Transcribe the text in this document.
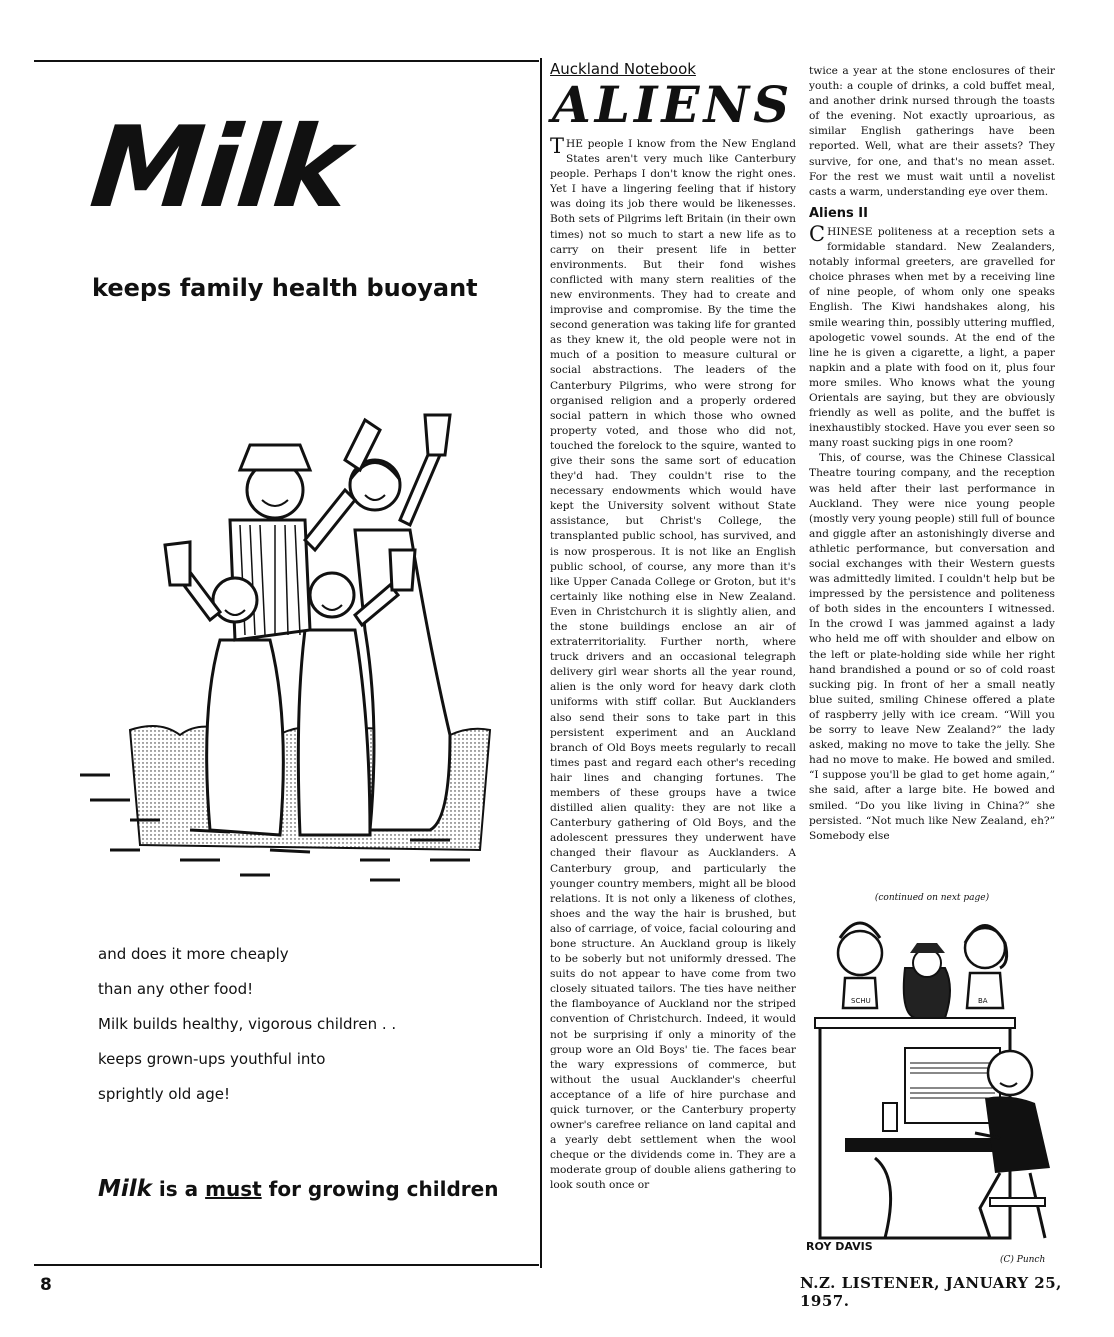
Milk
keeps family health buoyant
and does it more cheaply
than any other food!
Milk builds healthy, vigorous children . .
keeps grown-ups youthful into
sprightly old age!
Milk is a must for growing children
Auckland Notebook
ALIENS

THE people I know from the New England States aren't very much like Canterbury people. Perhaps I don't know the right ones. Yet I have a lingering feeling that if history was doing its job there would be likenesses. Both sets of Pilgrims left Britain (in their own times) not so much to start a new life as to carry on their present life in better environments. But their fond wishes conflicted with many stern realities of the new environments. They had to create and improvise and compromise. By the time the second generation was taking life for granted as they knew it, the old people were not in much of a position to measure cultural or social abstractions. The leaders of the Canterbury Pilgrims, who were strong for organised religion and a properly ordered social pattern in which those who owned property voted, and those who did not, touched the forelock to the squire, wanted to give their sons the same sort of education they'd had. They couldn't rise to the necessary endowments which would have kept the University solvent without State assistance, but Christ's College, the transplanted public school, has survived, and is now prosperous. It is not like an English public school, of course, any more than it's like Upper Canada College or Groton, but it's certainly like nothing else in New Zealand. Even in Christchurch it is slightly alien, and the stone buildings enclose an air of extraterritoriality. Further north, where truck drivers and an occasional telegraph delivery girl wear shorts all the year round, alien is the only word for heavy dark cloth uniforms with stiff collar. But Aucklanders also send their sons to take part in this persistent experiment and an Auckland branch of Old Boys meets regularly to recall times past and regard each other's receding hair lines and changing fortunes. The members of these groups have a twice distilled alien quality: they are not like a Canterbury gathering of Old Boys, and the adolescent pressures they underwent have changed their flavour as Aucklanders. A Canterbury group, and particularly the younger country members, might all be blood relations. It is not only a likeness of clothes, shoes and the way the hair is brushed, but also of carriage, of voice, facial colouring and bone structure. An Auckland group is likely to be soberly but not uniformly dressed. The suits do not appear to have come from two closely situated tailors. The ties have neither the flamboyance of Auckland nor the striped convention of Christchurch. Indeed, it would not be surprising if only a minority of the group wore an Old Boys' tie. The faces bear the wary expressions of commerce, but without the usual Aucklander's cheerful acceptance of a life of hire purchase and quick turnover, or the Canterbury property owner's carefree reliance on land capital and a yearly debt settlement when the wool cheque or the dividends come in. They are a moderate group of double aliens gathering to look south once or

twice a year at the stone enclosures of their youth: a couple of drinks, a cold buffet meal, and another drink nursed through the toasts of the evening. Not exactly uproarious, as similar English gatherings have been reported. Well, what are their assets? They survive, for one, and that's no mean asset. For the rest we must wait until a novelist casts a warm, understanding eye over them.

Aliens II

CHINESE politeness at a reception sets a formidable standard. New Zealanders, notably informal greeters, are gravelled for choice phrases when met by a receiving line of nine people, of whom only one speaks English. The Kiwi handshakes along, his smile wearing thin, possibly uttering muffled, apologetic vowel sounds. At the end of the line he is given a cigarette, a light, a paper napkin and a plate with food on it, plus four more smiles. Who knows what the young Orientals are saying, but they are obviously friendly as well as polite, and the buffet is inexhaustibly stocked. Have you ever seen so many roast sucking pigs in one room?

This, of course, was the Chinese Classical Theatre touring company, and the reception was held after their last performance in Auckland. They were nice young people (mostly very young people) still full of bounce and giggle after an astonishingly diverse and athletic performance, but conversation and social exchanges with their Western guests was admittedly limited. I couldn't help but be impressed by the persistence and politeness of both sides in the encounters I witnessed. In the crowd I was jammed against a lady who held me off with shoulder and elbow on the left or plate-holding side while her right hand brandished a pound or so of cold roast sucking pig. In front of her a small neatly blue suited, smiling Chinese offered a plate of raspberry jelly with ice cream. “Will you be sorry to leave New Zealand?” the lady asked, making no move to take the jelly. She had no move to make. He bowed and smiled. “I suppose you'll be glad to get home again,” she said, after a large bite. He bowed and smiled. “Do you like living in China?” she persisted. “Not much like New Zealand, eh?” Somebody else

(continued on next page)
SCHU	BA
ROY DAVIS
(C) Punch
8	N.Z. LISTENER, JANUARY 25, 1957.
